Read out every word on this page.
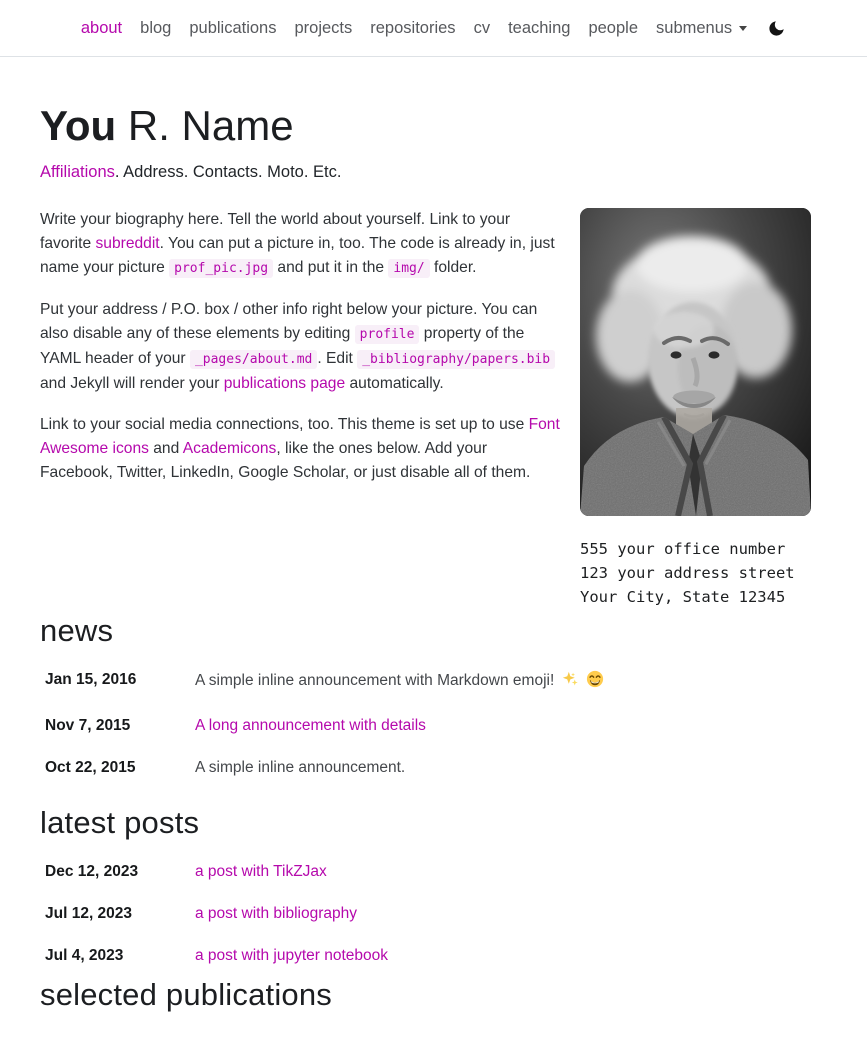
about	blog	publications	projects	repositories	cv	teaching	people	submenus
You R. Name

Affiliations. Address. Contacts. Moto. Etc.

Write your biography here. Tell the world about yourself. Link to your favorite subreddit. You can put a picture in, too. The code is already in, just name your picture prof_pic.jpg and put it in the img/ folder.

Put your address / P.O. box / other info right below your picture. You can also disable any of these elements by editing profile property of the YAML header of your _pages/about.md . Edit _bibliography/papers.bib and Jekyll will render your publications page automatically.

Link to your social media connections, too. This theme is set up to use Font Awesome icons and Academicons, like the ones below. Add your Facebook, Twitter, LinkedIn, Google Scholar, or just disable all of them.

555 your office number
123 your address street
Your City, State 12345
news
Jan 15, 2016	A simple inline announcement with Markdown emoji!
Nov 7, 2015	A long announcement with details
Oct 22, 2015	A simple inline announcement.
latest posts
Dec 12, 2023	a post with TikZJax
Jul 12, 2023	a post with bibliography
Jul 4, 2023	a post with jupyter notebook
selected publications
